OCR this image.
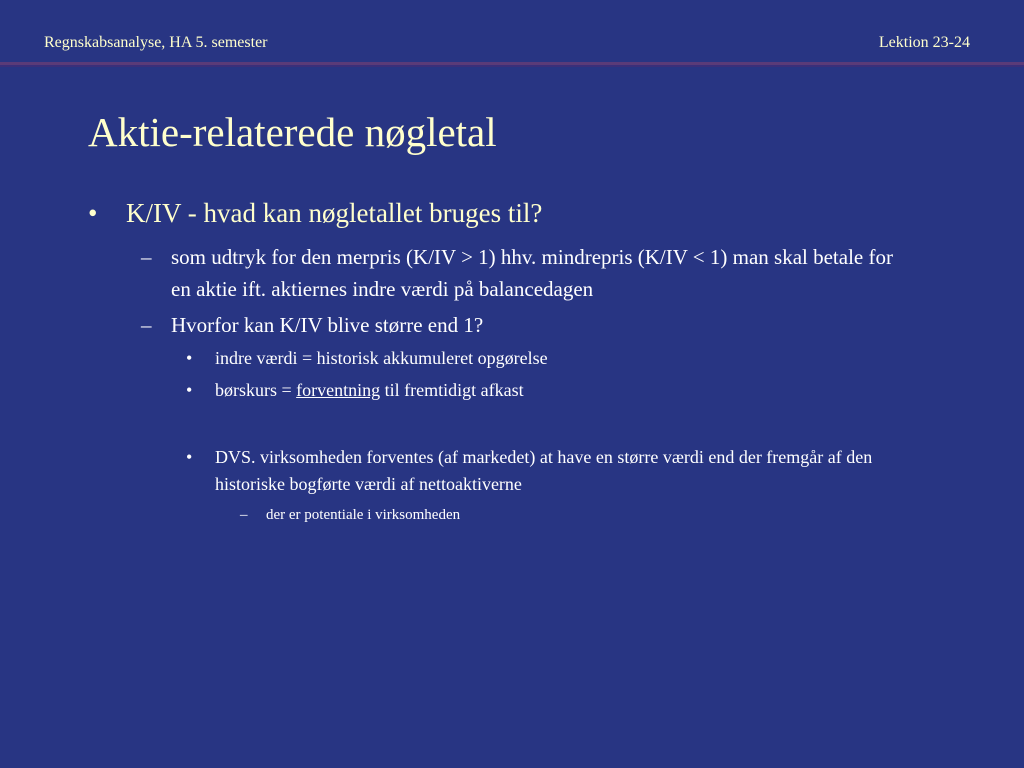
Regnskabsanalyse, HA 5. semester	Lektion 23-24
Aktie-relaterede nøgletal
• K/IV - hvad kan nøgletallet bruges til?
– som udtryk for den merpris (K/IV > 1) hhv. mindrepris (K/IV < 1) man skal betale for en aktie ift. aktiernes indre værdi på balancedagen
– Hvorfor kan K/IV blive større end 1?
• indre værdi = historisk akkumuleret opgørelse
• børskurs = forventning til fremtidigt afkast
• DVS. virksomheden forventes (af markedet) at have en større værdi end der fremgår af den historiske bogførte værdi af nettoaktiverne
– der er potentiale i virksomheden
